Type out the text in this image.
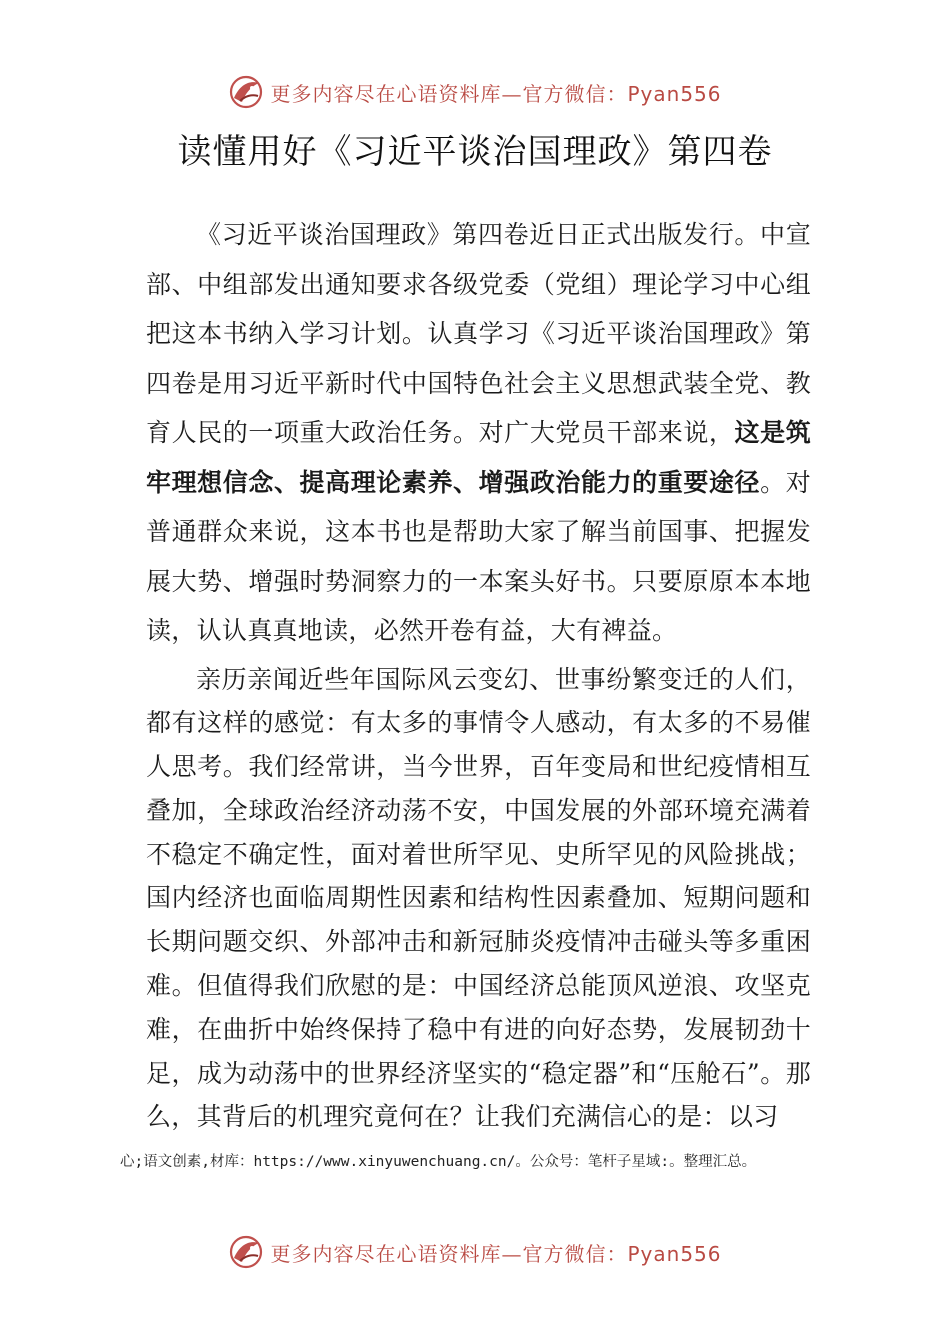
更多内容尽在心语资料库—官方微信：Pyan556
读懂用好《习近平谈治国理政》第四卷

《习近平谈治国理政》第四卷近日正式出版发行。中宣部、中组部发出通知要求各级党委（党组）理论学习中心组把这本书纳入学习计划。认真学习《习近平谈治国理政》第四卷是用习近平新时代中国特色社会主义思想武装全党、教育人民的一项重大政治任务。对广大党员干部来说，这是筑牢理想信念、提高理论素养、增强政治能力的重要途径。对普通群众来说，这本书也是帮助大家了解当前国事、把握发展大势、增强时势洞察力的一本案头好书。只要原原本本地读，认认真真地读，必然开卷有益，大有裨益。

亲历亲闻近些年国际风云变幻、世事纷繁变迁的人们，都有这样的感觉：有太多的事情令人感动，有太多的不易催人思考。我们经常讲，当今世界，百年变局和世纪疫情相互叠加，全球政治经济动荡不安，中国发展的外部环境充满着不稳定不确定性，面对着世所罕见、史所罕见的风险挑战；国内经济也面临周期性因素和结构性因素叠加、短期问题和长期问题交织、外部冲击和新冠肺炎疫情冲击碰头等多重困难。但值得我们欣慰的是：中国经济总能顶风逆浪、攻坚克难，在曲折中始终保持了稳中有进的向好态势，发展韧劲十足，成为动荡中的世界经济坚实的“稳定器”和“压舱石”。那么，其背后的机理究竟何在？让我们充满信心的是：以习

心;语文创素,材库：https://www.xinyuwenchuang.cn/。公众号：笔杆子星域:。整理汇总。
更多内容尽在心语资料库—官方微信：Pyan556
